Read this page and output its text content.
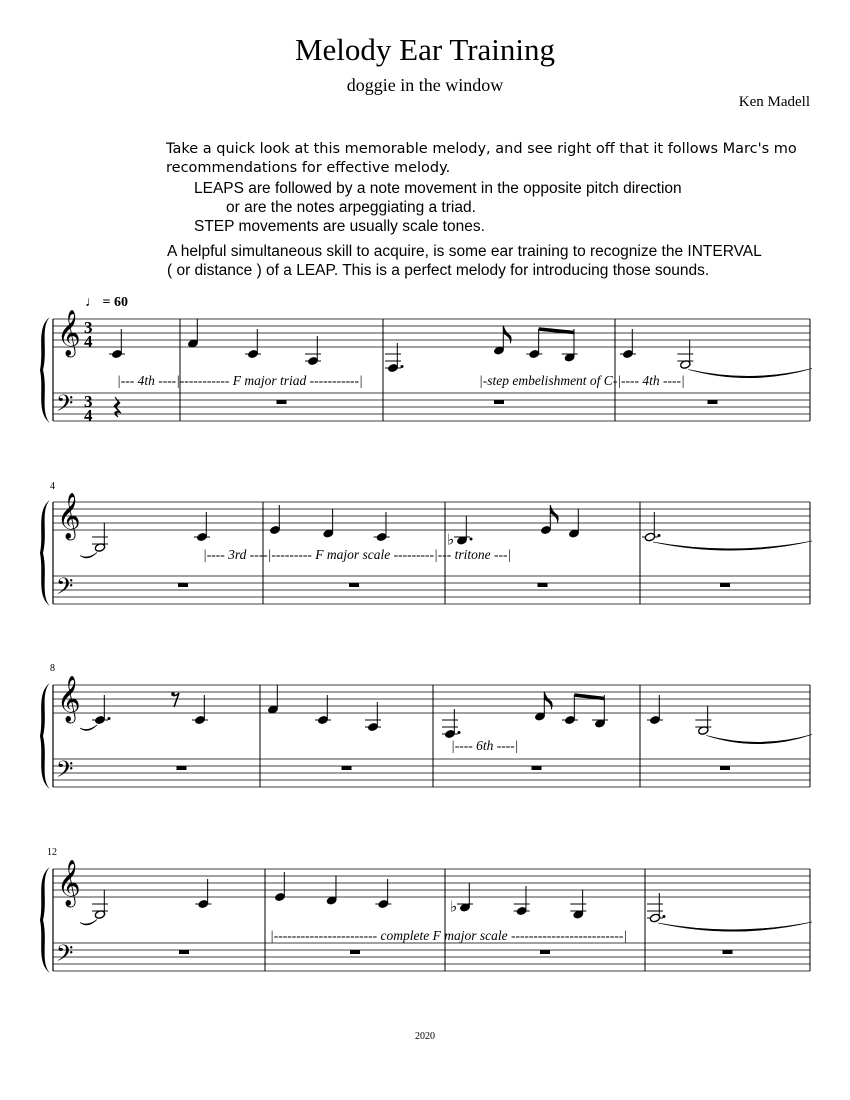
Melody Ear Training
doggie in the window
Ken Madell
Take a quick look at this memorable melody, and see right off that it follows Marc's mo
recommendations for effective melody.
LEAPS are followed by a note movement in the opposite pitch direction
or are the notes arpeggiating a triad.
STEP movements are usually scale tones.
A helpful simultaneous skill to acquire, is some ear training to recognize the INTERVAL
( or distance ) of a LEAP. This is a perfect melody for introducing those sounds.
♩ = 60
4
8
12
|--- 4th ----|----------- F major triad -----------|	|-step embelishment of C-|---- 4th ----|
|---- 3rd ----|--------- F major scale ---------|--- tritone ---|
|---- 6th ----|
|----------------------- complete F major scale -------------------------|
𝄞
𝄢
3
4
3
4
𝄞
𝄢
♭
𝄞
𝄢
𝄞
𝄢
♭
2020
